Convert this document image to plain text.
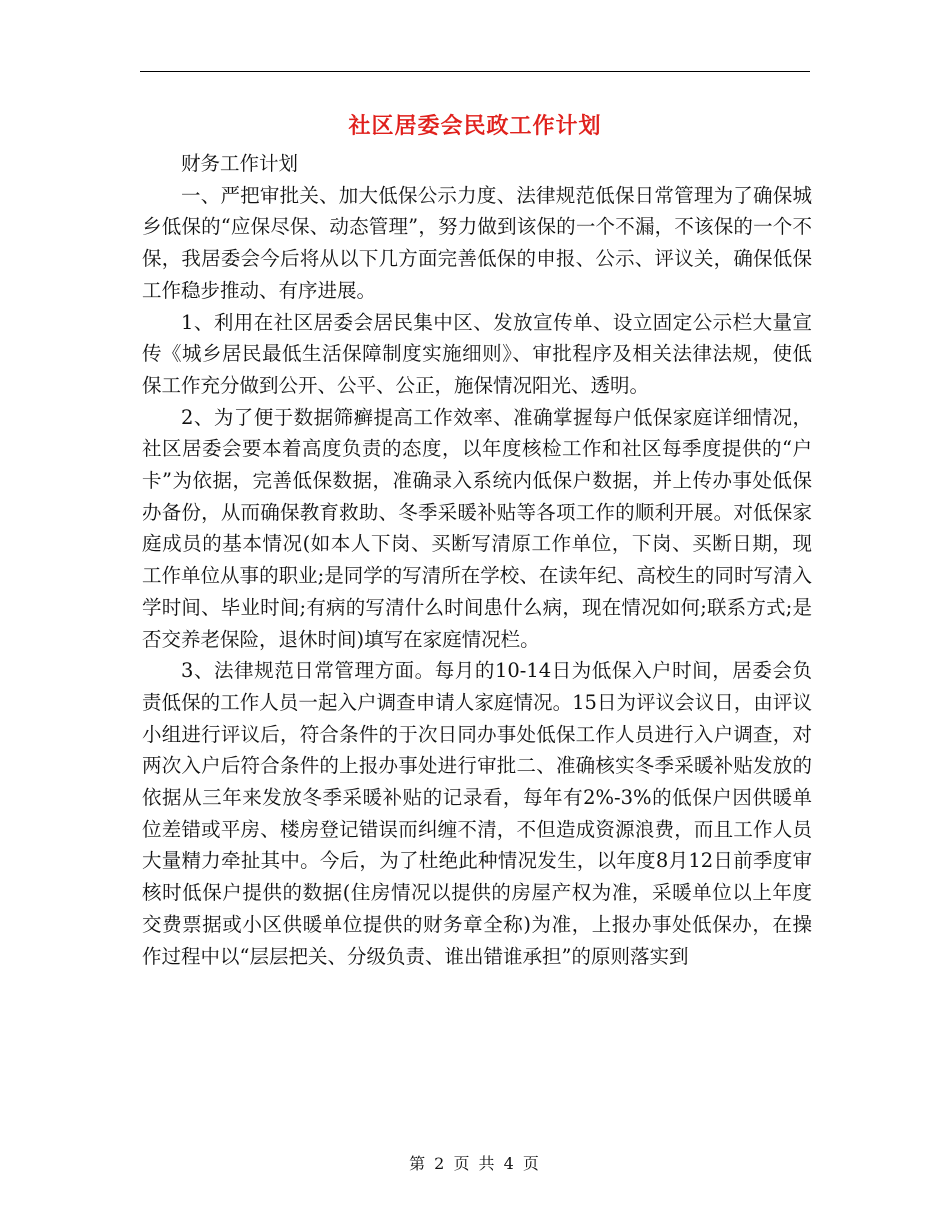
社区居委会民政工作计划

财务工作计划

一、严把审批关、加大低保公示力度、法律规范低保日常管理为了确保城乡低保的“应保尽保、动态管理”，努力做到该保的一个不漏，不该保的一个不保，我居委会今后将从以下几方面完善低保的申报、公示、评议关，确保低保工作稳步推动、有序进展。

1、利用在社区居委会居民集中区、发放宣传单、设立固定公示栏大量宣传《城乡居民最低生活保障制度实施细则》、审批程序及相关法律法规，使低保工作充分做到公开、公平、公正，施保情况阳光、透明。

2、为了便于数据筛癣提高工作效率、准确掌握每户低保家庭详细情况，社区居委会要本着高度负责的态度，以年度核检工作和社区每季度提供的“户卡”为依据，完善低保数据，准确录入系统内低保户数据，并上传办事处低保办备份，从而确保教育救助、冬季采暖补贴等各项工作的顺利开展。对低保家庭成员的基本情况(如本人下岗、买断写清原工作单位，下岗、买断日期，现工作单位从事的职业;是同学的写清所在学校、在读年纪、高校生的同时写清入学时间、毕业时间;有病的写清什么时间患什么病，现在情况如何;联系方式;是否交养老保险，退休时间)填写在家庭情况栏。

3、法律规范日常管理方面。每月的10-14日为低保入户时间，居委会负责低保的工作人员一起入户调查申请人家庭情况。15日为评议会议日，由评议小组进行评议后，符合条件的于次日同办事处低保工作人员进行入户调查，对两次入户后符合条件的上报办事处进行审批二、准确核实冬季采暖补贴发放的依据从三年来发放冬季采暖补贴的记录看，每年有2%-3%的低保户因供暖单位差错或平房、楼房登记错误而纠缠不清，不但造成资源浪费，而且工作人员大量精力牵扯其中。今后，为了杜绝此种情况发生，以年度8月12日前季度审核时低保户提供的数据(住房情况以提供的房屋产权为准，采暖单位以上年度交费票据或小区供暖单位提供的财务章全称)为准，上报办事处低保办，在操作过程中以“层层把关、分级负责、谁出错谁承担”的原则落实到

第 2 页 共 4 页
